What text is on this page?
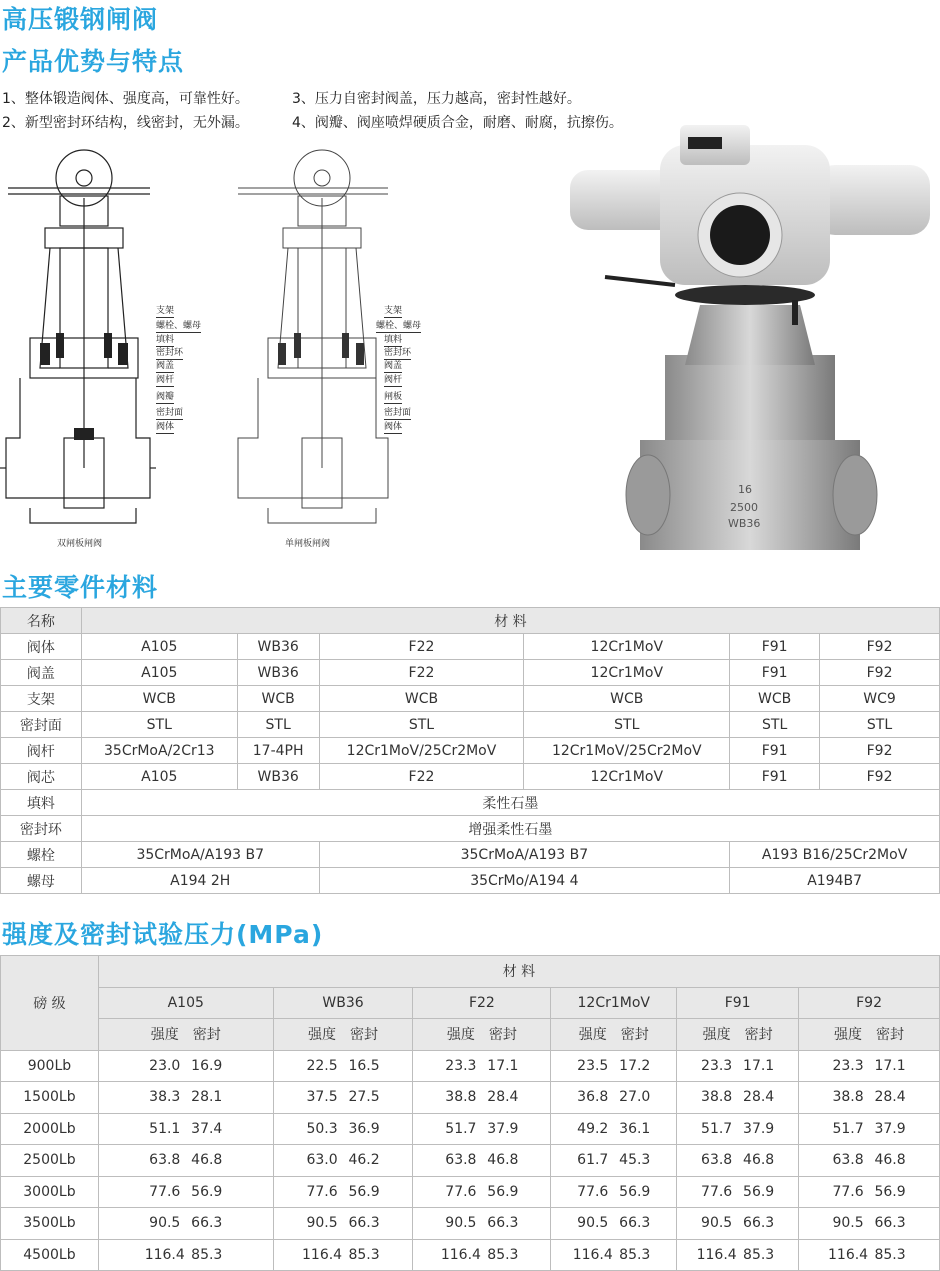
高压锻钢闸阀
产品优势与特点
1、整体锻造阀体、强度高，可靠性好。	3、压力自密封阀盖，压力越高，密封性越好。
2、新型密封环结构，线密封，无外漏。	4、阀瓣、阀座喷焊硬质合金，耐磨、耐腐，抗擦伤。
支架
螺栓、螺母
填料
密封环
阀盖
阀杆
阀瓣
密封面
阀体
双闸板闸阀
支架
螺栓、螺母
填料
密封环
阀盖
阀杆
闸板
密封面
阀体
单闸板闸阀
16
2500
WB36
主要零件材料
名称	材 料					
阀体	A105	WB36	F22	12Cr1MoV	F91	F92
阀盖	A105	WB36	F22	12Cr1MoV	F91	F92
支架	WCB	WCB	WCB	WCB	WCB	WC9
密封面	STL	STL	STL	STL	STL	STL
阀杆	35CrMoA/2Cr13	17-4PH	12Cr1MoV/25Cr2MoV	12Cr1MoV/25Cr2MoV	F91	F92
阀芯	A105	WB36	F22	12Cr1MoV	F91	F92
填料	柔性石墨					
密封环	增强柔性石墨					
螺栓	35CrMoA/A193 B7		35CrMoA/A193 B7		A193 B16/25Cr2MoV	
螺母	A194 2H		35CrMo/A194 4		A194B7	
强度及密封试验压力(MPa)
磅 级	材 料					
	A105	WB36	F22	12Cr1MoV	F91	F92
	强度 密封	强度 密封	强度 密封	强度 密封	强度 密封	强度 密封
900Lb	23.0 16.9	22.5 16.5	23.3 17.1	23.5 17.2	23.3 17.1	23.3 17.1
1500Lb	38.3 28.1	37.5 27.5	38.8 28.4	36.8 27.0	38.8 28.4	38.8 28.4
2000Lb	51.1 37.4	50.3 36.9	51.7 37.9	49.2 36.1	51.7 37.9	51.7 37.9
2500Lb	63.8 46.8	63.0 46.2	63.8 46.8	61.7 45.3	63.8 46.8	63.8 46.8
3000Lb	77.6 56.9	77.6 56.9	77.6 56.9	77.6 56.9	77.6 56.9	77.6 56.9
3500Lb	90.5 66.3	90.5 66.3	90.5 66.3	90.5 66.3	90.5 66.3	90.5 66.3
4500Lb	116.4 85.3	116.4 85.3	116.4 85.3	116.4 85.3	116.4 85.3	116.4 85.3
